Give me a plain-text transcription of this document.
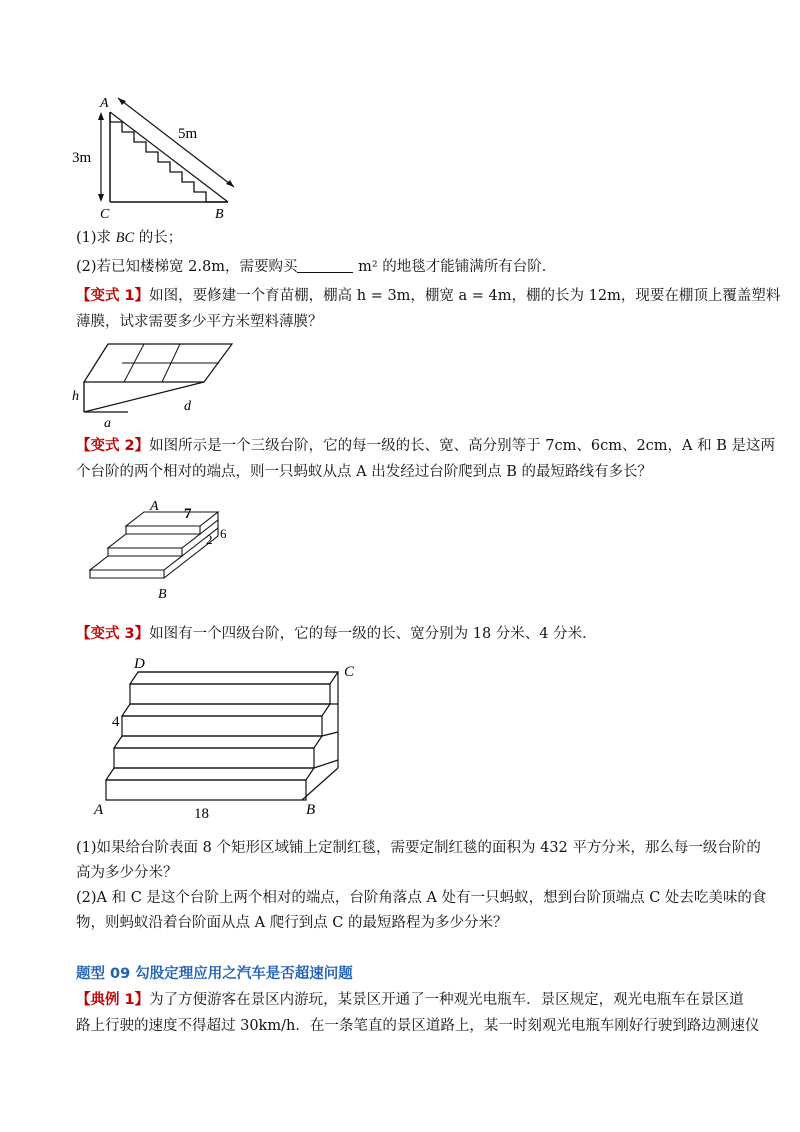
A
3m
5m
C	B
(1)求 BC 的长；
(2)若已知楼梯宽 2.8m，需要购买	m² 的地毯才能铺满所有台阶．
【变式 1】如图，要修建一个育苗棚，棚高 h = 3m，棚宽 a = 4m，棚的长为 12m，现要在棚顶上覆盖塑料
薄膜，试求需要多少平方米塑料薄膜？
h
a
d
【变式 2】如图所示是一个三级台阶，它的每一级的长、宽、高分别等于 7cm、6cm、2cm，A 和 B 是这两
个台阶的两个相对的端点，则一只蚂蚁从点 A 出发经过台阶爬到点 B 的最短路线有多长？
A 7
2 6
B
【变式 3】如图有一个四级台阶，它的每一级的长、宽分别为 18 分米、4 分米．
D	C
4
A	18	B
(1)如果给台阶表面 8 个矩形区域铺上定制红毯，需要定制红毯的面积为 432 平方分米，那么每一级台阶的
高为多少分米？
(2)A 和 C 是这个台阶上两个相对的端点，台阶角落点 A 处有一只蚂蚁，想到台阶顶端点 C 处去吃美味的食
物，则蚂蚁沿着台阶面从点 A 爬行到点 C 的最短路程为多少分米？
题型 09 勾股定理应用之汽车是否超速问题
【典例 1】为了方便游客在景区内游玩，某景区开通了一种观光电瓶车．景区规定，观光电瓶车在景区道
路上行驶的速度不得超过 30km/h．在一条笔直的景区道路上，某一时刻观光电瓶车刚好行驶到路边测速仪
